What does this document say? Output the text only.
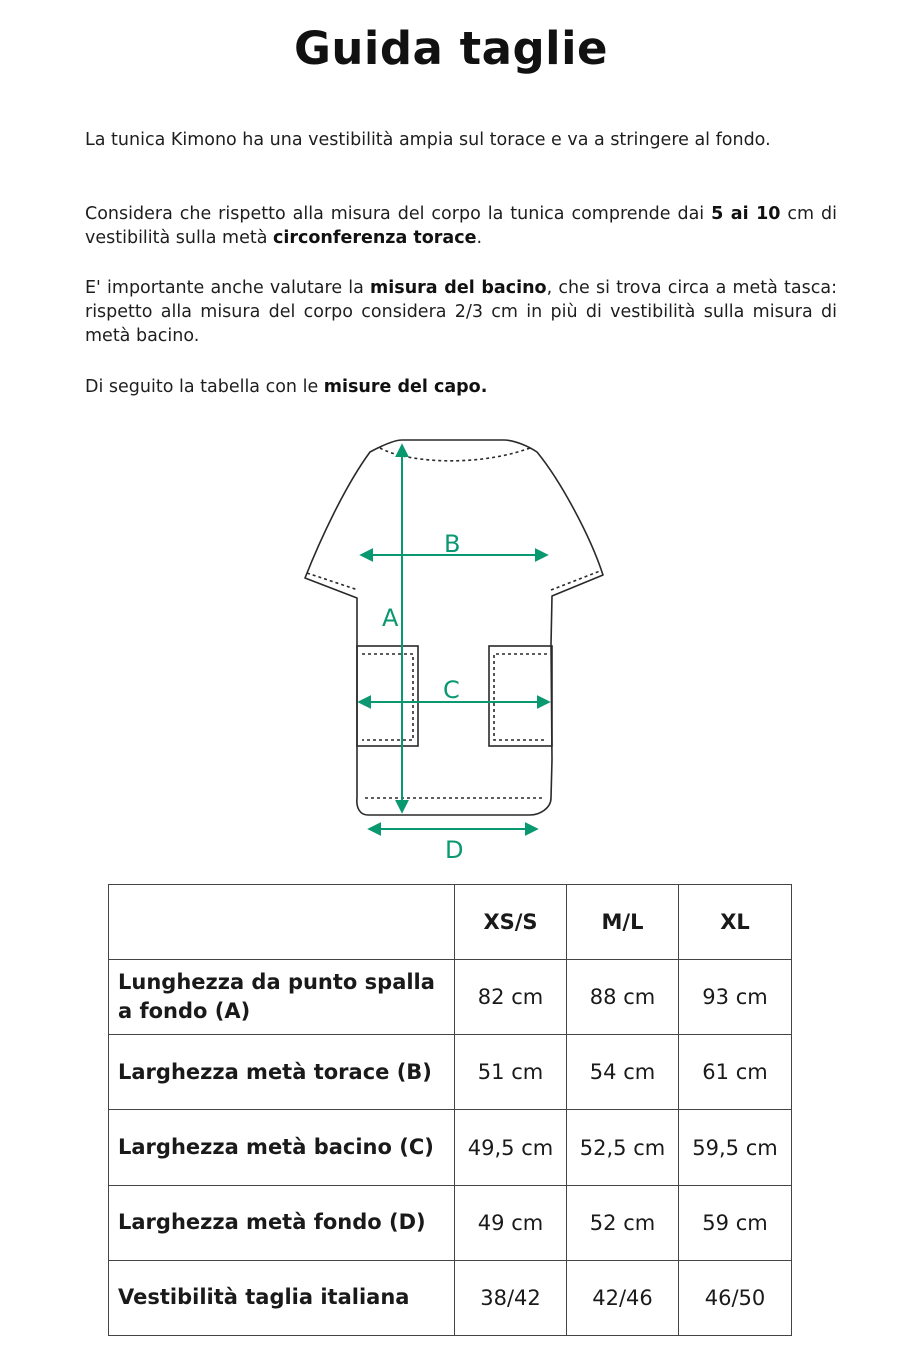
Guida taglie

La tunica Kimono ha una vestibilità ampia sul torace e va a stringere al fondo.

Considera che rispetto alla misura del corpo la tunica comprende dai 5 ai 10 cm di vestibilità sulla metà circonferenza torace.

E' importante anche valutare la misura del bacino, che si trova circa a metà tasca: rispetto alla misura del corpo considera 2/3 cm in più di vestibilità sulla misura di metà bacino.

Di seguito la tabella con le misure del capo.

A
B
C
D
	XS/S	M/L	XL
Lunghezza da punto spalla a fondo (A)	82 cm	88 cm	93 cm
Larghezza metà torace (B)	51 cm	54 cm	61 cm
Larghezza metà bacino (C)	49,5 cm	52,5 cm	59,5 cm
Larghezza metà fondo (D)	49 cm	52 cm	59 cm
Vestibilità taglia italiana	38/42	42/46	46/50
